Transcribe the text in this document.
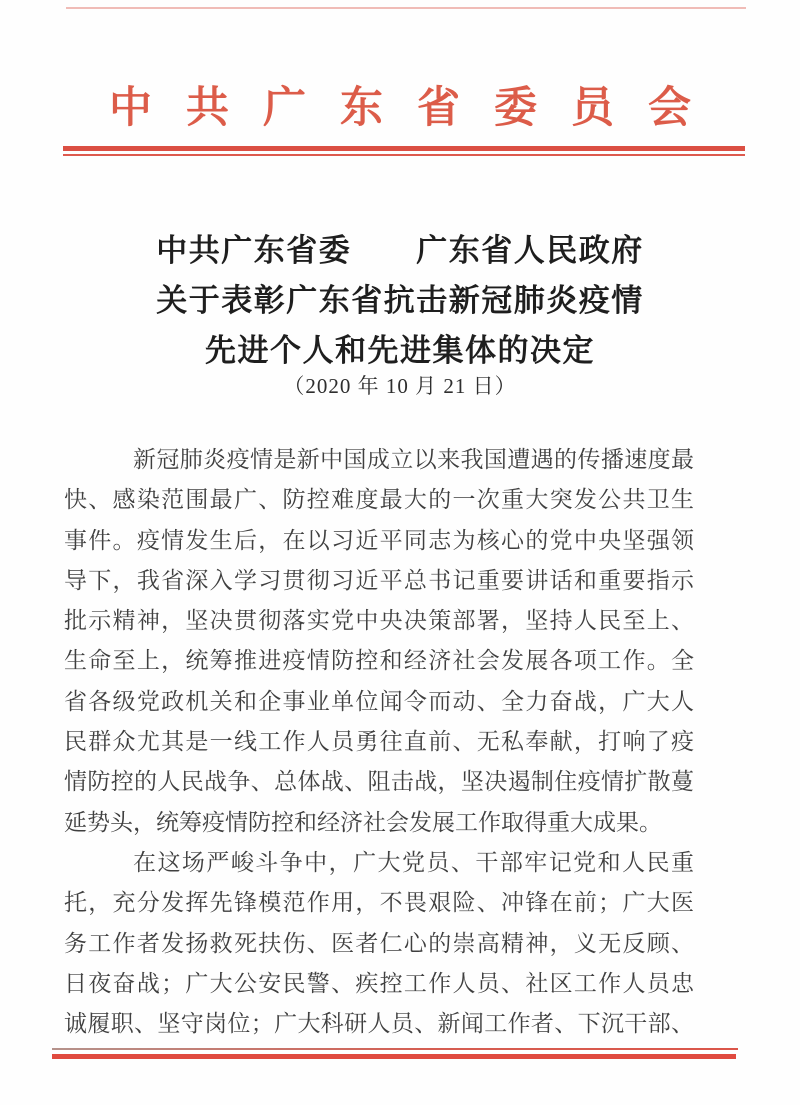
中共广东省委员会
中共广东省委　　广东省人民政府
关于表彰广东省抗击新冠肺炎疫情
先进个人和先进集体的决定
（2020 年 10 月 21 日）
新冠肺炎疫情是新中国成立以来我国遭遇的传播速度最
快、感染范围最广、防控难度最大的一次重大突发公共卫生
事件。疫情发生后，在以习近平同志为核心的党中央坚强领
导下，我省深入学习贯彻习近平总书记重要讲话和重要指示
批示精神，坚决贯彻落实党中央决策部署，坚持人民至上、
生命至上，统筹推进疫情防控和经济社会发展各项工作。全
省各级党政机关和企事业单位闻令而动、全力奋战，广大人
民群众尤其是一线工作人员勇往直前、无私奉献，打响了疫
情防控的人民战争、总体战、阻击战，坚决遏制住疫情扩散蔓
延势头，统筹疫情防控和经济社会发展工作取得重大成果。
在这场严峻斗争中，广大党员、干部牢记党和人民重
托，充分发挥先锋模范作用，不畏艰险、冲锋在前；广大医
务工作者发扬救死扶伤、医者仁心的崇高精神，义无反顾、
日夜奋战；广大公安民警、疾控工作人员、社区工作人员忠
诚履职、坚守岗位；广大科研人员、新闻工作者、下沉干部、
